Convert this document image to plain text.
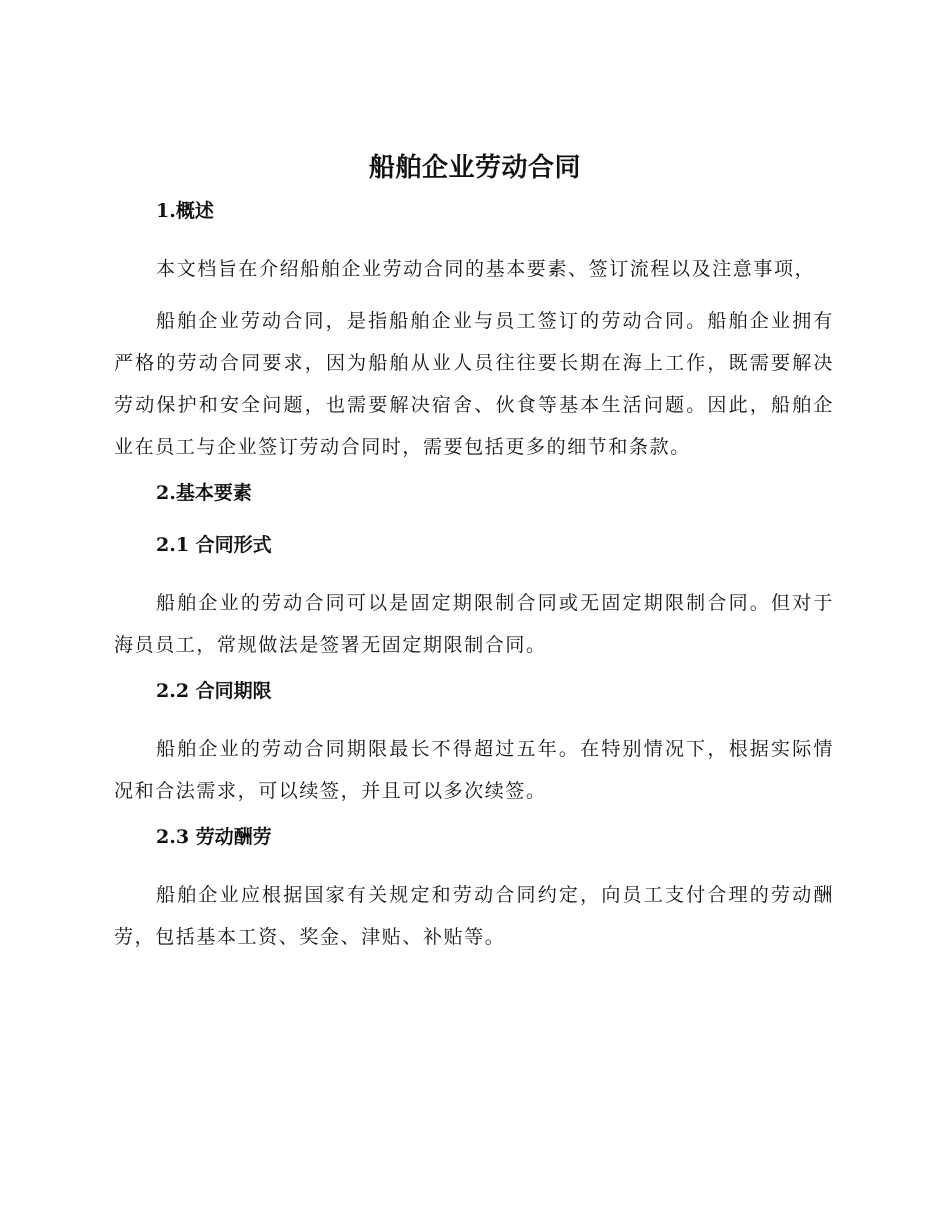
船舶企业劳动合同
1.概述

本文档旨在介绍船舶企业劳动合同的基本要素、签订流程以及注意事项，

船舶企业劳动合同，是指船舶企业与员工签订的劳动合同。船舶企业拥有严格的劳动合同要求，因为船舶从业人员往往要长期在海上工作，既需要解决劳动保护和安全问题，也需要解决宿舍、伙食等基本生活问题。因此，船舶企业在员工与企业签订劳动合同时，需要包括更多的细节和条款。

2.基本要素
2.1 合同形式

船舶企业的劳动合同可以是固定期限制合同或无固定期限制合同。但对于海员员工，常规做法是签署无固定期限制合同。

2.2 合同期限

船舶企业的劳动合同期限最长不得超过五年。在特别情况下，根据实际情况和合法需求，可以续签，并且可以多次续签。

2.3 劳动酬劳

船舶企业应根据国家有关规定和劳动合同约定，向员工支付合理的劳动酬劳，包括基本工资、奖金、津贴、补贴等。
